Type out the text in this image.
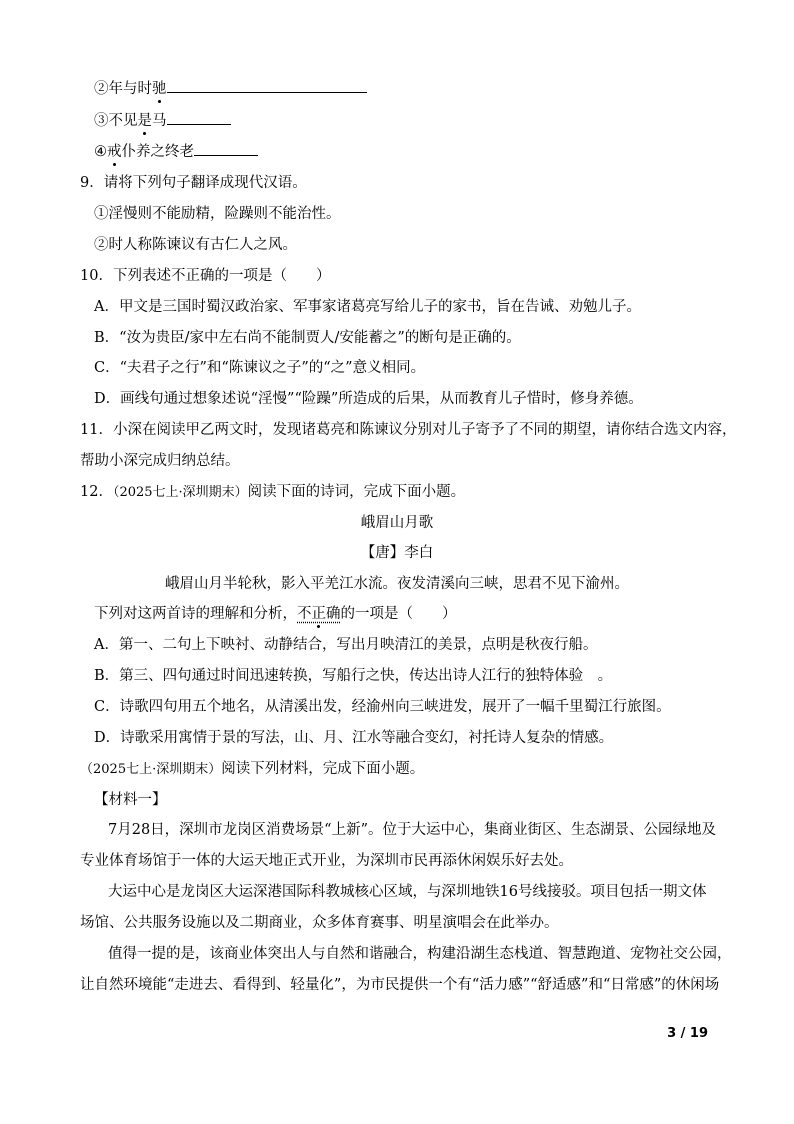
②年与时驰
③不见是马
④戒仆养之终老
9．请将下列句子翻译成现代汉语。
①淫慢则不能励精，险躁则不能治性。
②时人称陈谏议有古仁人之风。
10．下列表述不正确的一项是（　　）
A．甲文是三国时蜀汉政治家、军事家诸葛亮写给儿子的家书，旨在告诫、劝勉儿子。
B．“汝为贵臣/家中左右尚不能制贾人/安能蓄之”的断句是正确的。
C．“夫君子之行”和“陈谏议之子”的“之”意义相同。
D．画线句通过想象述说“淫慢”“险躁”所造成的后果，从而教育儿子惜时，修身养德。
11．小深在阅读甲乙两文时，发现诸葛亮和陈谏议分别对儿子寄予了不同的期望，请你结合选文内容，
帮助小深完成归纳总结。
12．（2025七上·深圳期末）阅读下面的诗词，完成下面小题。
峨眉山月歌
【唐】李白
峨眉山月半轮秋，影入平羌江水流。夜发清溪向三峡，思君不见下渝州。
下列对这两首诗的理解和分析，不正确的一项是（　　）
A．第一、二句上下映衬、动静结合，写出月映清江的美景，点明是秋夜行船。
B．第三、四句通过时间迅速转换，写船行之快，传达出诗人江行的独特体验　。
C．诗歌四句用五个地名，从清溪出发，经渝州向三峡进发，展开了一幅千里蜀江行旅图。
D．诗歌采用寓情于景的写法，山、月、江水等融合变幻，衬托诗人复杂的情感。
（2025七上·深圳期末）阅读下列材料，完成下面小题。
【材料一】
7月28日，深圳市龙岗区消费场景“上新”。位于大运中心，集商业街区、生态湖景、公园绿地及
专业体育场馆于一体的大运天地正式开业，为深圳市民再添休闲娱乐好去处。
大运中心是龙岗区大运深港国际科教城核心区域，与深圳地铁16号线接驳。项目包括一期文体
场馆、公共服务设施以及二期商业，众多体育赛事、明星演唱会在此举办。
值得一提的是，该商业体突出人与自然和谐融合，构建沿湖生态栈道、智慧跑道、宠物社交公园，
让自然环境能“走进去、看得到、轻量化”，为市民提供一个有“活力感”“舒适感”和“日常感”的休闲场
3 / 19
